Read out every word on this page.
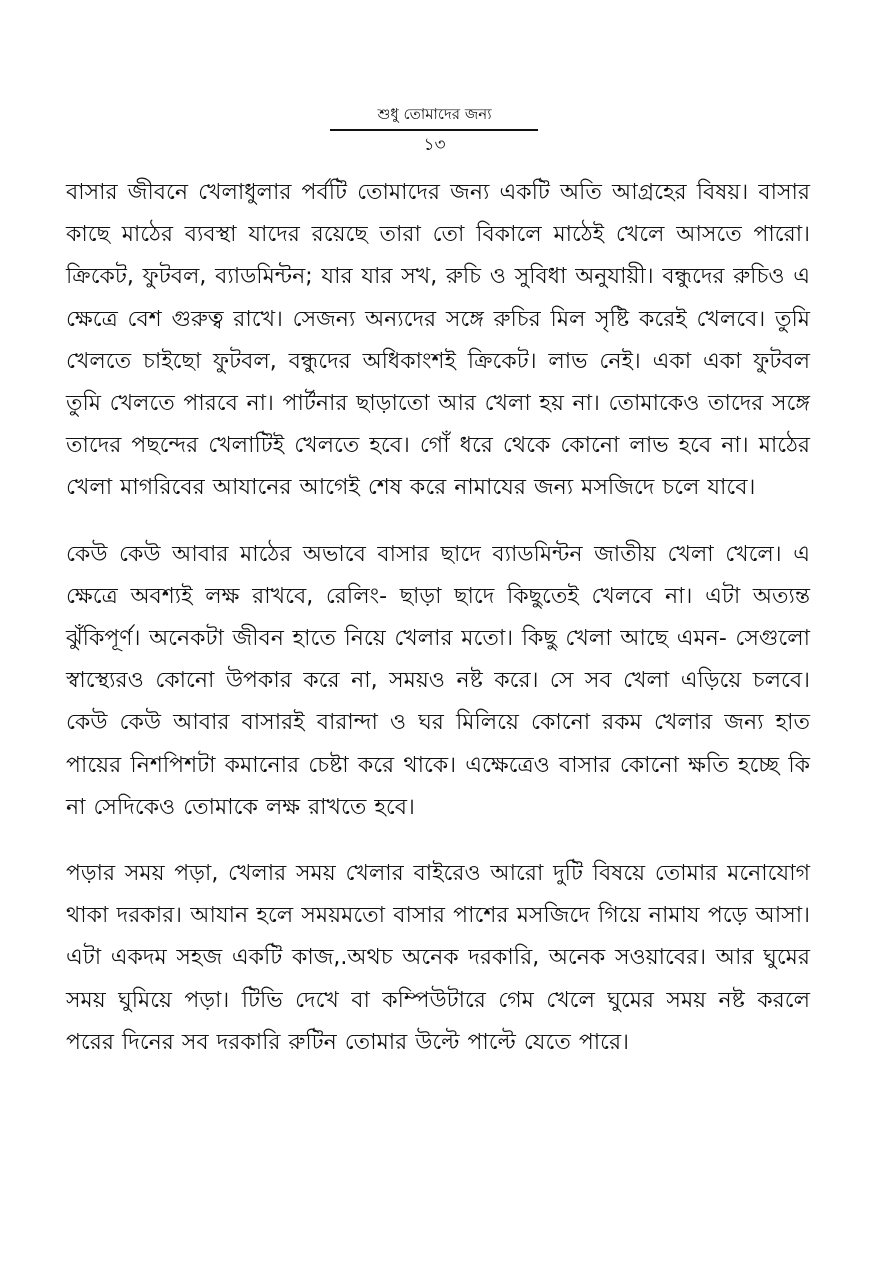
শুধু তোমাদের জন্য
১৩

বাসার জীবনে খেলাধুলার পর্বটি তোমাদের জন্য একটি অতি আগ্রহের বিষয়। বাসার কাছে মাঠের ব্যবস্থা যাদের রয়েছে তারা তো বিকালে মাঠেই খেলে আসতে পারো। ক্রিকেট, ফুটবল, ব্যাডমিন্টন; যার যার সখ, রুচি ও সুবিধা অনুযায়ী। বন্ধুদের রুচিও এ ক্ষেত্রে বেশ গুরুত্ব রাখে। সেজন্য অন্যদের সঙ্গে রুচির মিল সৃষ্টি করেই খেলবে। তুমি খেলতে চাইছো ফুটবল, বন্ধুদের অধিকাংশই ক্রিকেট। লাভ নেই। একা একা ফুটবল তুমি খেলতে পারবে না। পার্টনার ছাড়াতো আর খেলা হয় না। তোমাকেও তাদের সঙ্গে তাদের পছন্দের খেলাটিই খেলতে হবে। গোঁ ধরে থেকে কোনো লাভ হবে না। মাঠের খেলা মাগরিবের আযানের আগেই শেষ করে নামাযের জন্য মসজিদে চলে যাবে।

কেউ কেউ আবার মাঠের অভাবে বাসার ছাদে ব্যাডমিন্টন জাতীয় খেলা খেলে। এ ক্ষেত্রে অবশ্যই লক্ষ রাখবে, রেলিং- ছাড়া ছাদে কিছুতেই খেলবে না। এটা অত্যন্ত ঝুঁকিপূর্ণ। অনেকটা জীবন হাতে নিয়ে খেলার মতো। কিছু খেলা আছে এমন- সেগুলো স্বাস্থ্যেরও কোনো উপকার করে না, সময়ও নষ্ট করে। সে সব খেলা এড়িয়ে চলবে। কেউ কেউ আবার বাসারই বারান্দা ও ঘর মিলিয়ে কোনো রকম খেলার জন্য হাত পায়ের নিশপিশটা কমানোর চেষ্টা করে থাকে। এক্ষেত্রেও বাসার কোনো ক্ষতি হচ্ছে কি না সেদিকেও তোমাকে লক্ষ রাখতে হবে।

পড়ার সময় পড়া, খেলার সময় খেলার বাইরেও আরো দুটি বিষয়ে তোমার মনোযোগ থাকা দরকার। আযান হলে সময়মতো বাসার পাশের মসজিদে গিয়ে নামায পড়ে আসা। এটা একদম সহজ একটি কাজ,.অথচ অনেক দরকারি, অনেক সওয়াবের। আর ঘুমের সময় ঘুমিয়ে পড়া। টিভি দেখে বা কম্পিউটারে গেম খেলে ঘুমের সময় নষ্ট করলে পরের দিনের সব দরকারি রুটিন তোমার উল্টে পাল্টে যেতে পারে।
